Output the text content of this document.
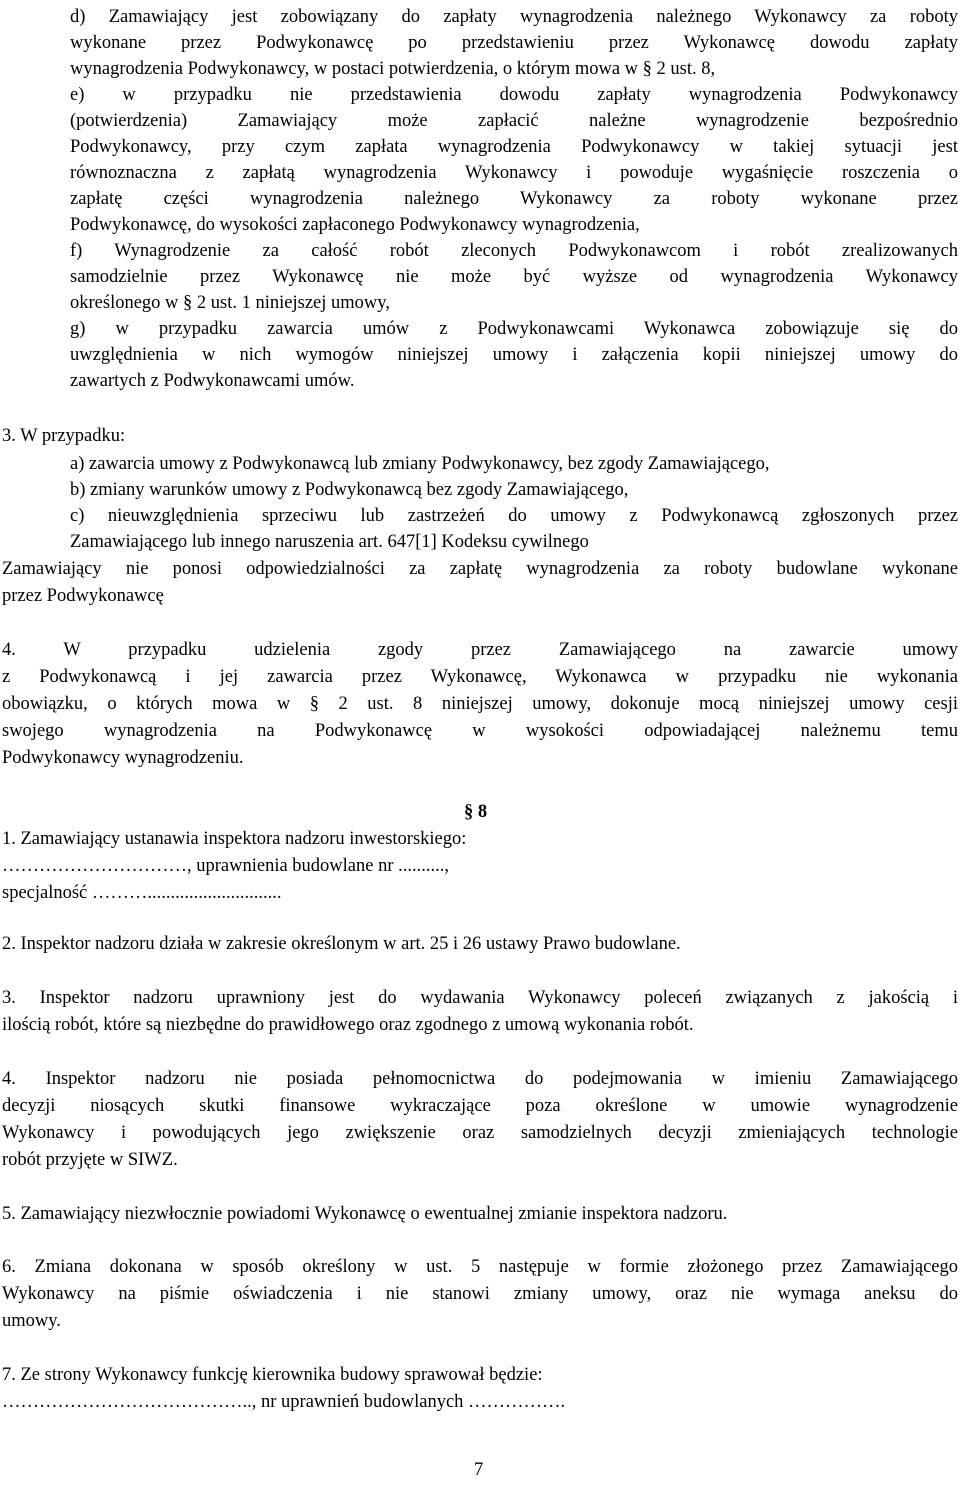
d) Zamawiający jest zobowiązany do zapłaty wynagrodzenia należnego Wykonawcy za roboty
wykonane przez Podwykonawcę po przedstawieniu przez Wykonawcę dowodu zapłaty
wynagrodzenia Podwykonawcy, w postaci potwierdzenia, o którym mowa w § 2 ust. 8,
e) w przypadku nie przedstawienia dowodu zapłaty wynagrodzenia Podwykonawcy
(potwierdzenia) Zamawiający może zapłacić należne wynagrodzenie bezpośrednio
Podwykonawcy, przy czym zapłata wynagrodzenia Podwykonawcy w takiej sytuacji jest
równoznaczna z zapłatą wynagrodzenia Wykonawcy i powoduje wygaśnięcie roszczenia o
zapłatę części wynagrodzenia należnego Wykonawcy za roboty wykonane przez
Podwykonawcę, do wysokości zapłaconego Podwykonawcy wynagrodzenia,
f) Wynagrodzenie za całość robót zleconych Podwykonawcom i robót zrealizowanych
samodzielnie przez Wykonawcę nie może być wyższe od wynagrodzenia Wykonawcy
określonego w § 2 ust. 1 niniejszej umowy,
g) w przypadku zawarcia umów z Podwykonawcami Wykonawca zobowiązuje się do
uwzględnienia w nich wymogów niniejszej umowy i załączenia kopii niniejszej umowy do
zawartych z Podwykonawcami umów.
3. W przypadku:
a) zawarcia umowy z Podwykonawcą lub zmiany Podwykonawcy, bez zgody Zamawiającego,
b) zmiany warunków umowy z Podwykonawcą bez zgody Zamawiającego,
c) nieuwzględnienia sprzeciwu lub zastrzeżeń do umowy z Podwykonawcą zgłoszonych przez
Zamawiającego lub innego naruszenia art. 647[1] Kodeksu cywilnego
Zamawiający nie ponosi odpowiedzialności za zapłatę wynagrodzenia za roboty budowlane wykonane
przez Podwykonawcę
4. W przypadku udzielenia zgody przez Zamawiającego na zawarcie umowy
z Podwykonawcą i jej zawarcia przez Wykonawcę, Wykonawca w przypadku nie wykonania
obowiązku, o których mowa w § 2 ust. 8 niniejszej umowy, dokonuje mocą niniejszej umowy cesji
swojego wynagrodzenia na Podwykonawcę w wysokości odpowiadającej należnemu temu
Podwykonawcy wynagrodzeniu.
§ 8
1. Zamawiający ustanawia inspektora nadzoru inwestorskiego:
…………………………, uprawnienia budowlane nr ..........,
specjalność ……….............................
2. Inspektor nadzoru działa w zakresie określonym w art. 25 i 26 ustawy Prawo budowlane.
3. Inspektor nadzoru uprawniony jest do wydawania Wykonawcy poleceń związanych z jakością i
ilością robót, które są niezbędne do prawidłowego oraz zgodnego z umową wykonania robót.
4. Inspektor nadzoru nie posiada pełnomocnictwa do podejmowania w imieniu Zamawiającego
decyzji niosących skutki finansowe wykraczające poza określone w umowie wynagrodzenie
Wykonawcy i powodujących jego zwiększenie oraz samodzielnych decyzji zmieniających technologie
robót przyjęte w SIWZ.
5. Zamawiający niezwłocznie powiadomi Wykonawcę o ewentualnej zmianie inspektora nadzoru.
6. Zmiana dokonana w sposób określony w ust. 5 następuje w formie złożonego przez Zamawiającego
Wykonawcy na piśmie oświadczenia i nie stanowi zmiany umowy, oraz nie wymaga aneksu do
umowy.
7. Ze strony Wykonawcy funkcję kierownika budowy sprawował będzie:
………………………………….., nr uprawnień budowlanych …………….
7
